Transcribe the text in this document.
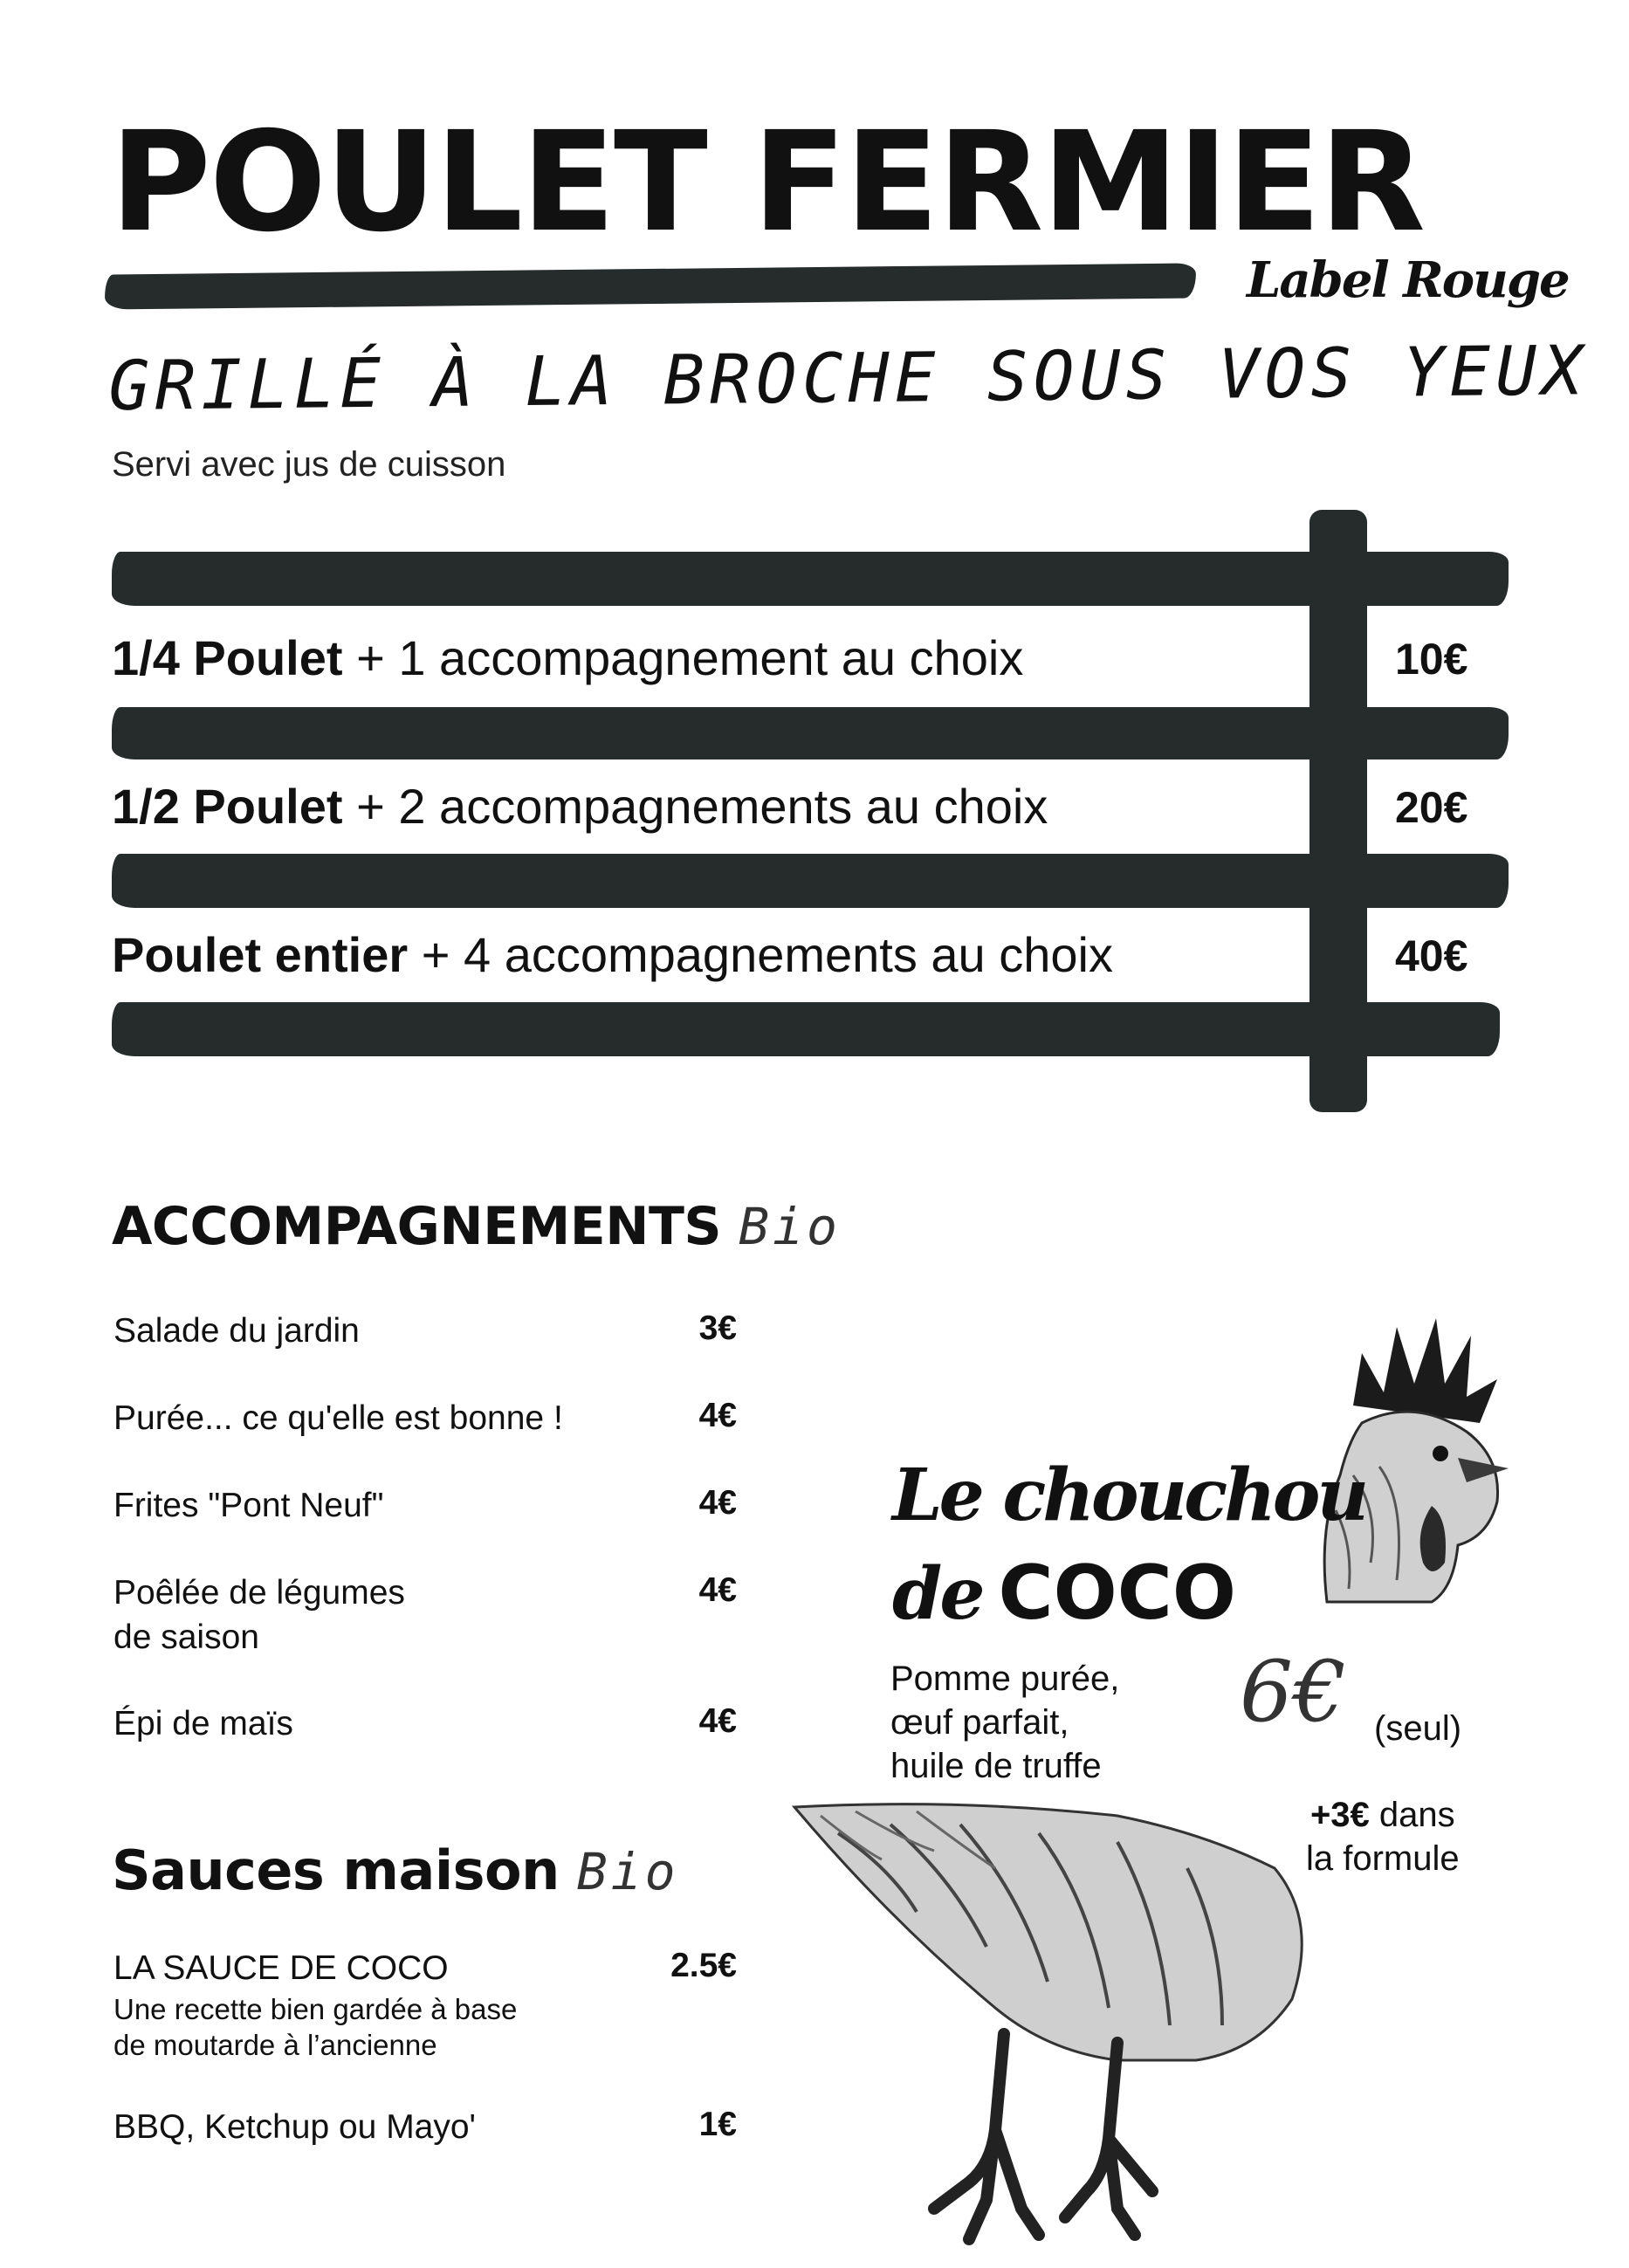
POULET FERMIER
Label Rouge
GRILLÉ À LA BROCHE SOUS VOS YEUX
Servi avec jus de cuisson
1/4 Poulet + 1 accompagnement au choix	10€
1/2 Poulet + 2 accompagnements au choix	20€
Poulet entier + 4 accompagnements au choix	40€
ACCOMPAGNEMENTS Bio
Salade du jardin	3€
Purée... ce qu'elle est bonne !	4€
Frites "Pont Neuf"	4€
Poêlée de légumes
de saison
4€
Épi de maïs	4€
Sauces maison Bio
LA SAUCE DE COCO
Une recette bien gardée à base
de moutarde à l’ancienne
2.5€
BBQ, Ketchup ou Mayo'	1€
Le chouchou
de COCO
Pomme purée,
œuf parfait,
huile de truffe
6€ (seul)
+3€ dans
la formule
